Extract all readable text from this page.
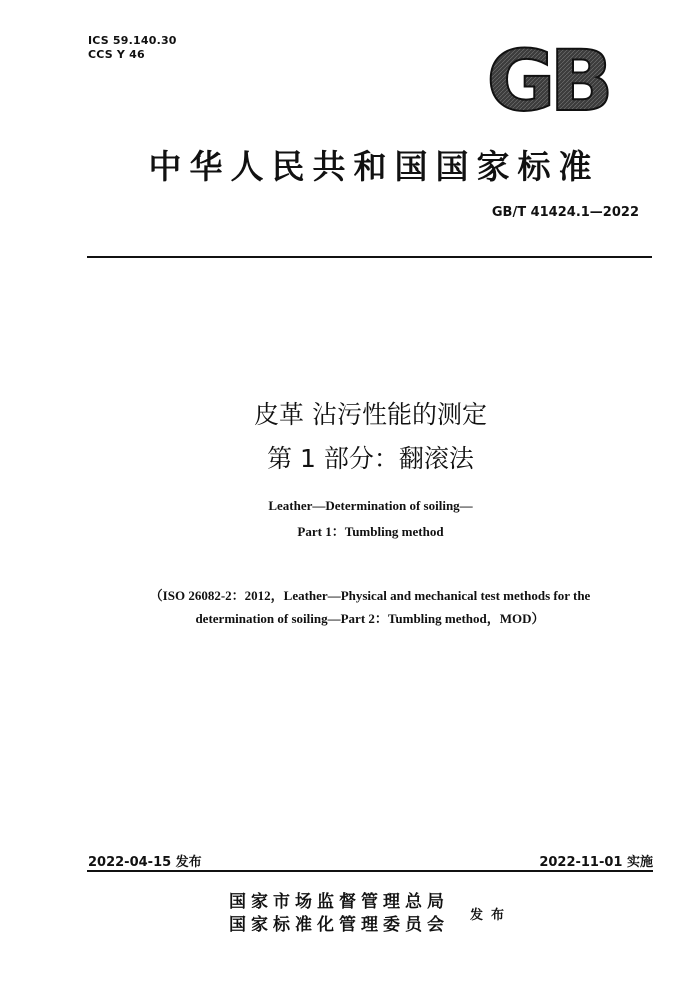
ICS 59.140.30
CCS Y 46	GB
中华人民共和国国家标准
GB/T 41424.1—2022
皮革 沾污性能的测定
第 1 部分：翻滚法
Leather—Determination of soiling—
Part 1：Tumbling method
（ISO 26082-2：2012，Leather—Physical and mechanical test methods for the
determination of soiling—Part 2：Tumbling method，MOD）
2022-04-15 发布	2022-11-01 实施
国家市场监督管理总局
国家标准化管理委员会	发布
